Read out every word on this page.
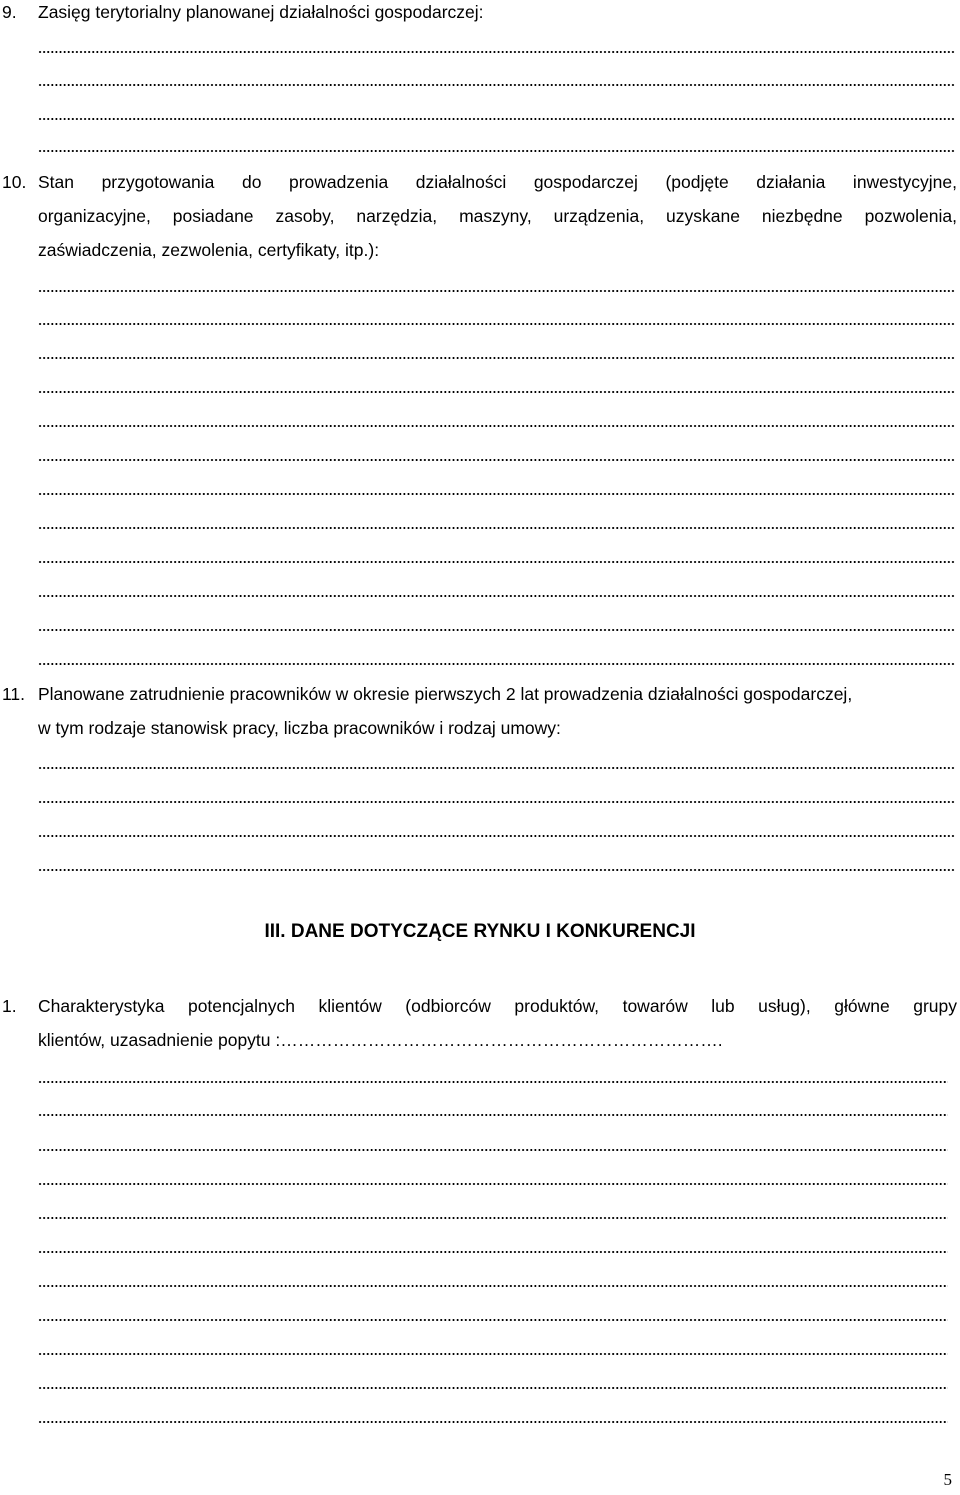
9. Zasięg terytorialny planowanej działalności gospodarczej:
10. Stan przygotowania do prowadzenia działalności gospodarczej (podjęte działania inwestycyjne,
organizacyjne, posiadane zasoby, narzędzia, maszyny, urządzenia, uzyskane niezbędne pozwolenia,
zaświadczenia, zezwolenia, certyfikaty, itp.):
11. Planowane zatrudnienie pracowników w okresie pierwszych 2 lat prowadzenia działalności gospodarczej,
w tym rodzaje stanowisk pracy, liczba pracowników i rodzaj umowy:
III. DANE DOTYCZĄCE RYNKU I KONKURENCJI
1. Charakterystyka potencjalnych klientów (odbiorców produktów, towarów lub usług), główne grupy
klientów, uzasadnienie popytu :………………………………………………………………….
5
